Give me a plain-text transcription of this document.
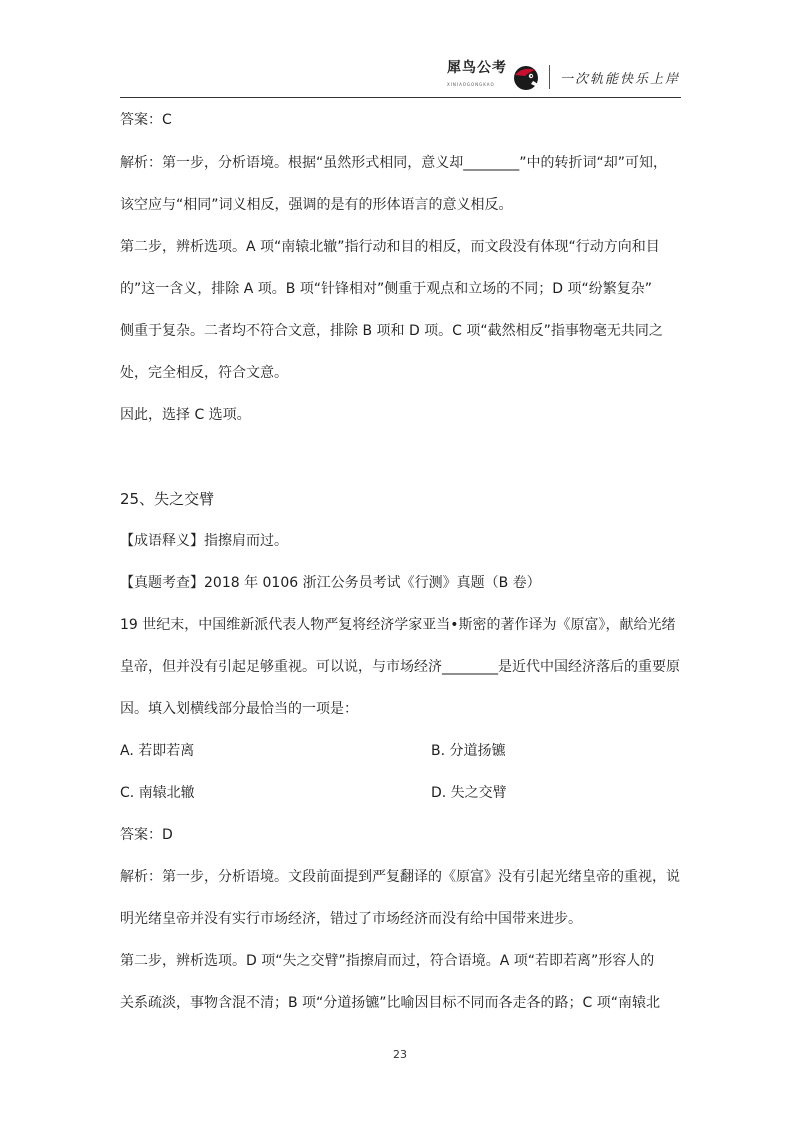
犀鸟公考
XINIAOGONGKAO	一次轨能快乐上岸
答案：C
解析：第一步，分析语境。根据“虽然形式相同，意义却________”中的转折词“却”可知，
该空应与“相同”词义相反，强调的是有的形体语言的意义相反。
第二步，辨析选项。A 项“南辕北辙”指行动和目的相反，而文段没有体现“行动方向和目
的”这一含义，排除 A 项。B 项“针锋相对”侧重于观点和立场的不同；D 项“纷繁复杂”
侧重于复杂。二者均不符合文意，排除 B 项和 D 项。C 项“截然相反”指事物毫无共同之
处，完全相反，符合文意。
因此，选择 C 选项。
25、失之交臂
【成语释义】指擦肩而过。
【真题考查】2018 年 0106 浙江公务员考试《行测》真题（B 卷）
19 世纪末，中国维新派代表人物严复将经济学家亚当•斯密的著作译为《原富》，献给光绪
皇帝，但并没有引起足够重视。可以说，与市场经济________是近代中国经济落后的重要原
因。填入划横线部分最恰当的一项是：
A. 若即若离	B. 分道扬镳
C. 南辕北辙	D. 失之交臂
答案：D
解析：第一步，分析语境。文段前面提到严复翻译的《原富》没有引起光绪皇帝的重视，说
明光绪皇帝并没有实行市场经济，错过了市场经济而没有给中国带来进步。
第二步，辨析选项。D 项“失之交臂”指擦肩而过，符合语境。A 项“若即若离”形容人的
关系疏淡，事物含混不清；B 项“分道扬镳”比喻因目标不同而各走各的路；C 项“南辕北
23
